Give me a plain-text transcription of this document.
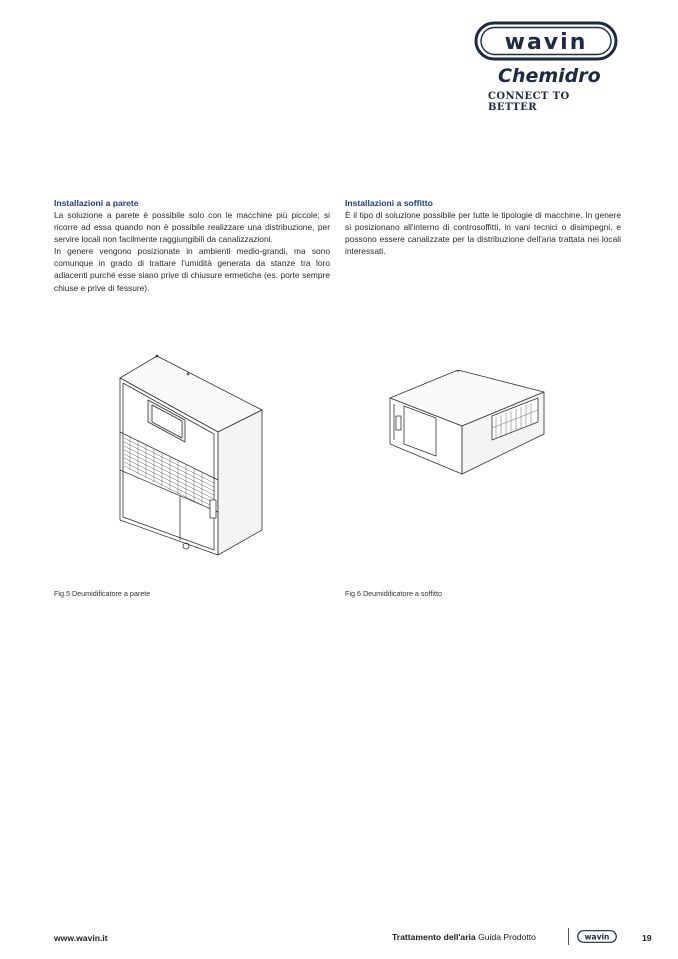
wavin
Chemidro
CONNECT TO BETTER
Installazioni a parete

La soluzione a parete è possibile solo con le macchine più piccole; si ricorre ad essa quando non è possibile realizzare una distribuzione, per servire locali non facilmente raggiungibili da canalizzazioni.

In genere vengono posizionate in ambienti medio-grandi, ma sono comunque in grado di trattare l'umidità generata da stanze tra loro adiacenti purché esse siano prive di chiusure ermetiche (es. porte sempre chiuse e prive di fessure).

Installazioni a soffitto

È il tipo di soluzione possibile per tutte le tipologie di macchine. In genere si posizionano all'interno di controsoffitti, in vani tecnici o disimpegni, e possono essere canalizzate per la distribuzione dell'aria trattata nei locali interessati.

Fig.5 Deumidificatore a parete	Fig.6 Deumidificatore a soffitto
www.wavin.it	Trattamento dell'aria Guida Prodotto	wavin	19
